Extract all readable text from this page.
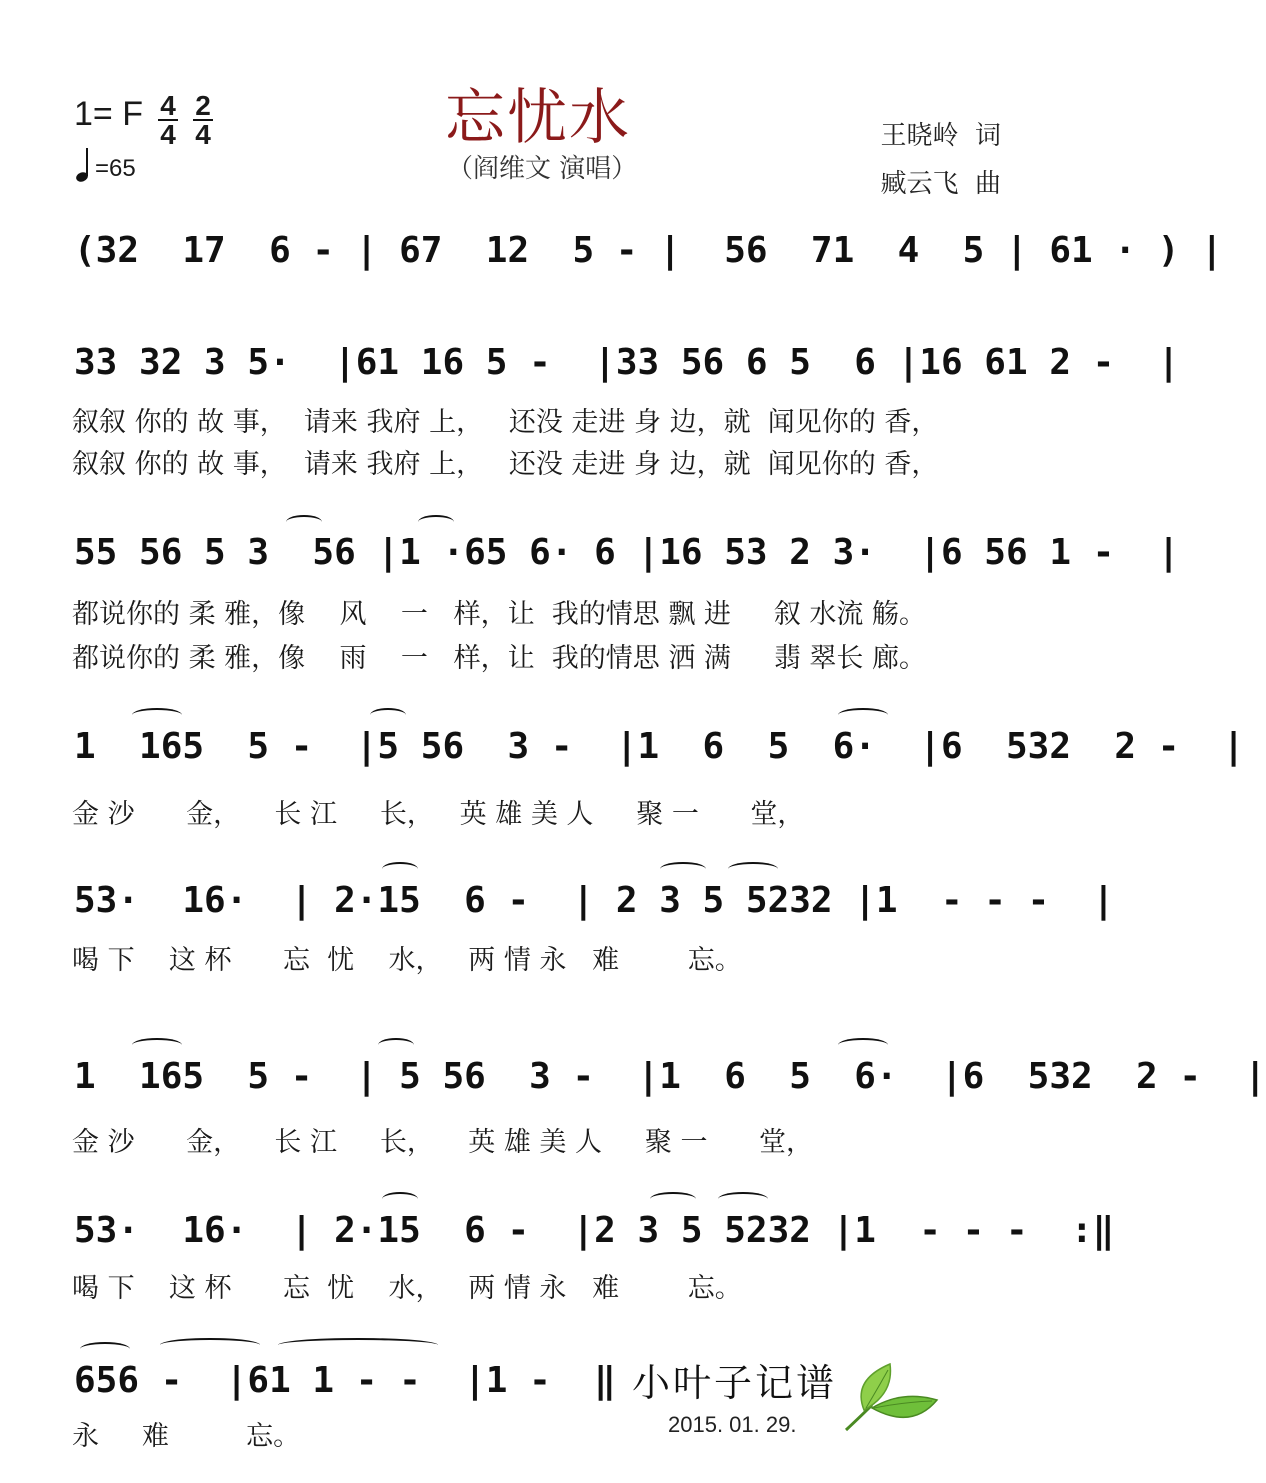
忘忧水
（阎维文 演唱）
1= F $\frac{4}{4} \frac{2}{4}$
=65
王晓岭  词
臧云飞  曲
(32  17  6 - | 67  12  5 - |  56  71  4  5 | 61 · ) |
33 32 3 5·  |61 16 5 -  |33 56 6 5  6 |16 61 2 -  |
叙叙 你的 故 事，  请来 我府 上，   还没 走进 身 边，就  闻见你的 香，
叙叙 你的 故 事，  请来 我府 上，   还没 走进 身 边，就  闻见你的 香，
55 56 5 3  56 |1 ·65 6· 6 |16 53 2 3·  |6 56 1 -  |
都说你的 柔 雅，像    风    一   样，让  我的情思 飘 进     叙 水流 觞。
都说你的 柔 雅，像    雨    一   样，让  我的情思 洒 满     翡 翠长 廊。
1  165  5 -  |5 56  3 -  |1  6  5  6·  |6  532  2 -  |
金 沙      金，    长 江     长，   英 雄 美 人     聚 一      堂，
53·  16·  | 2·15  6 -  | 2 3 5 5232 |1  - - -  |
喝 下    这 杯      忘  忧    水，   两 情 永   难        忘。
1  165  5 -  | 5 56  3 -  |1  6  5  6·  |6  532  2 -  |
金 沙      金，    长 江     长，    英 雄 美 人     聚 一      堂，
53·  16·  | 2·15  6 -  |2 3 5 5232 |1  - - -  :‖
喝 下    这 杯      忘  忧    水，   两 情 永   难        忘。
656 -  |61 1 - -  |1 -  ‖
永     难         忘。
小叶子记谱
2015. 01. 29.
